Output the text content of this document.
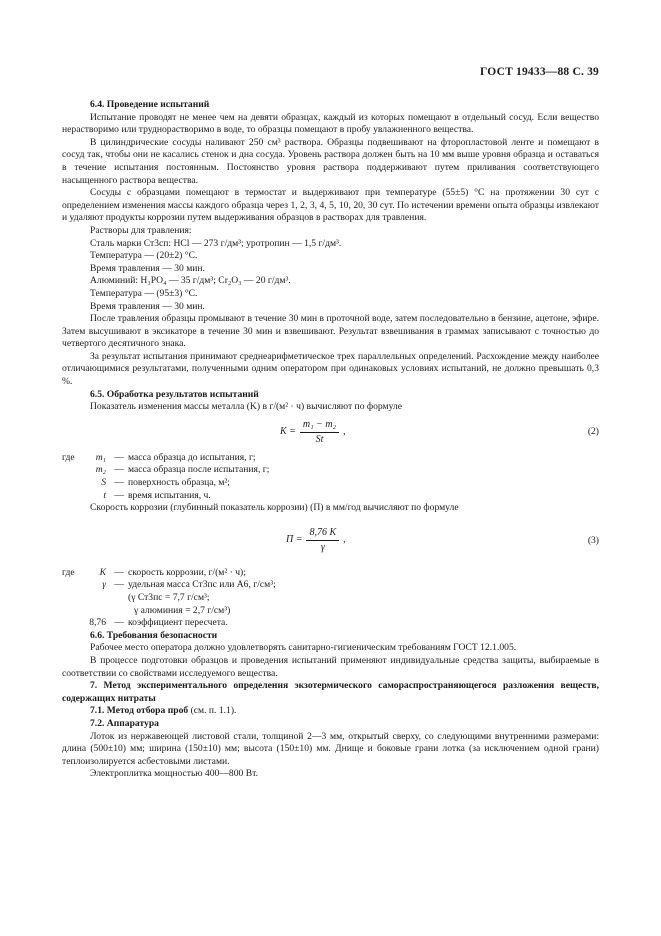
ГОСТ 19433—88 С. 39

6.4. Проведение испытаний

Испытание проводят не менее чем на девяти образцах, каждый из которых помещают в отдельный сосуд. Если вещество нерастворимо или труднорастворимо в воде, то образцы помещают в пробу увлажненного вещества.

В цилиндрические сосуды наливают 250 см³ раствора. Образцы подвешивают на фторопластовой ленте и помещают в сосуд так, чтобы они не касались стенок и дна сосуда. Уровень раствора должен быть на 10 мм выше уровня образца и оставаться в течение испытания постоянным. Постоянство уровня раствора поддерживают путем приливания соответствующего насыщенного раствора вещества.

Сосуды с образцами помещают в термостат и выдерживают при температуре (55±5) °С на протяжении 30 сут с определением изменения массы каждого образца через 1, 2, 3, 4, 5, 10, 20, 30 сут. По истечении времени опыта образцы извлекают и удаляют продукты коррозии путем выдерживания образцов в растворах для травления.

Растворы для травления:

Сталь марки Ст3сп: НCl — 273 г/дм³; уротропин — 1,5 г/дм³.

Температура — (20±2) °С.

Время травления — 30 мин.

Алюминий: Н₃РО₄ — 35 г/дм³; Cr₂O₃ — 20 г/дм³.

Температура — (95±3) °С.

Время травления — 30 мин.

После травления образцы промывают в течение 30 мин в проточной воде, затем последовательно в бензине, ацетоне, эфире. Затем высушивают в эксикаторе в течение 30 мин и взвешивают. Результат взвешивания в граммах записывают с точностью до четвертого десятичного знака.

За результат испытания принимают среднеарифметическое трех параллельных определений. Расхождение между наиболее отличающимися результатами, полученными одним оператором при одинаковых условиях испытаний, не должно превышать 0,3 %.

6.5. Обработка результатов испытаний

Показатель изменения массы металла (K) в г/(м² · ч) вычисляют по формуле

$K = \frac{\text{m₁ − m₂}}{St}$ ,	(2)
где	m₁ — масса образца до испытания, г;
m₂ — масса образца после испытания, г;
S — поверхность образца, м²;
t — время испытания, ч.

Скорость коррозии (глубинный показатель коррозии) (П) в мм/год вычисляют по формуле

$П = \frac{8,76 K}{\gamma}$ ,	(3)
где	K — скорость коррозии, г/(м² · ч);
γ — удельная масса Ст3пс или А6, г/см³;
(γ Ст3пс = 7,7 г/см³;
γ алюминия = 2,7 г/см³)
8,76 — коэффициент пересчета.

6.6. Требования безопасности

Рабочее место оператора должно удовлетворять санитарно-гигиеническим требованиям ГОСТ 12.1.005.

В процессе подготовки образцов и проведения испытаний применяют индивидуальные средства защиты, выбираемые в соответствии со свойствами исследуемого вещества.

7. Метод экспериментального определения экзотермического самораспространяющегося разложения веществ, содержащих нитраты

7.1. Метод отбора проб (см. п. 1.1).

7.2. Аппаратура

Лоток из нержавеющей листовой стали, толщиной 2—3 мм, открытый сверху, со следующими внутренними размерами: длина (500±10) мм; ширина (150±10) мм; высота (150±10) мм. Днище и боковые грани лотка (за исключением одной грани) теплоизолируется асбестовыми листами.

Электроплитка мощностью 400—800 Вт.
